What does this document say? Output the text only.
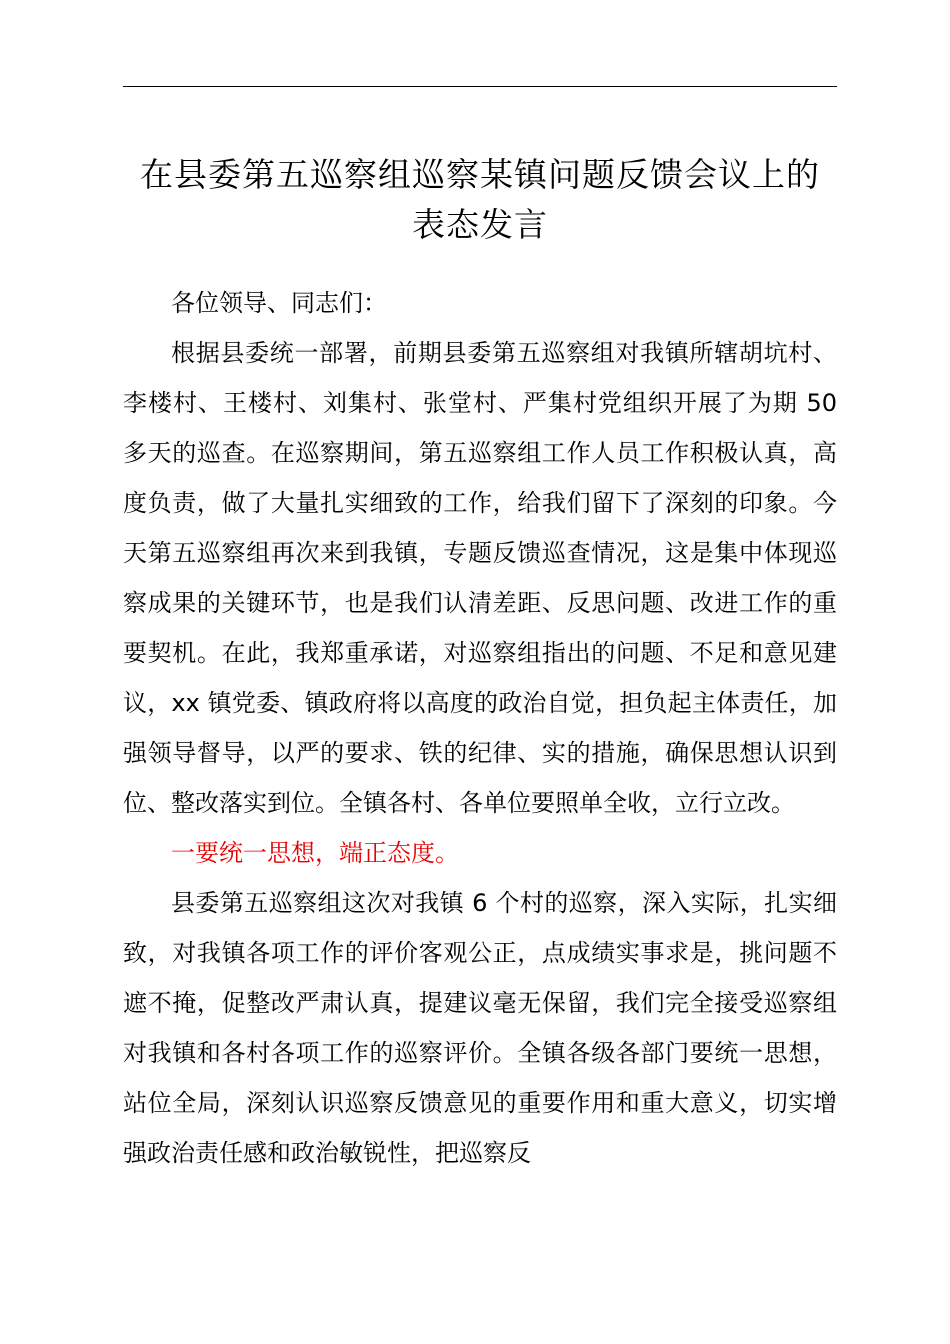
在县委第五巡察组巡察某镇问题反馈会议上的
表态发言

各位领导、同志们：

根据县委统一部署，前期县委第五巡察组对我镇所辖胡坑村、李楼村、王楼村、刘集村、张堂村、严集村党组织开展了为期 50 多天的巡查。在巡察期间，第五巡察组工作人员工作积极认真，高度负责，做了大量扎实细致的工作，给我们留下了深刻的印象。今天第五巡察组再次来到我镇，专题反馈巡查情况，这是集中体现巡察成果的关键环节，也是我们认清差距、反思问题、改进工作的重要契机。在此，我郑重承诺，对巡察组指出的问题、不足和意见建议，xx 镇党委、镇政府将以高度的政治自觉，担负起主体责任，加强领导督导，以严的要求、铁的纪律、实的措施，确保思想认识到位、整改落实到位。全镇各村、各单位要照单全收，立行立改。

一要统一思想，端正态度。

县委第五巡察组这次对我镇 6 个村的巡察，深入实际，扎实细致，对我镇各项工作的评价客观公正，点成绩实事求是，挑问题不遮不掩，促整改严肃认真，提建议毫无保留，我们完全接受巡察组对我镇和各村各项工作的巡察评价。全镇各级各部门要统一思想，站位全局，深刻认识巡察反馈意见的重要作用和重大意义，切实增强政治责任感和政治敏锐性，把巡察反
